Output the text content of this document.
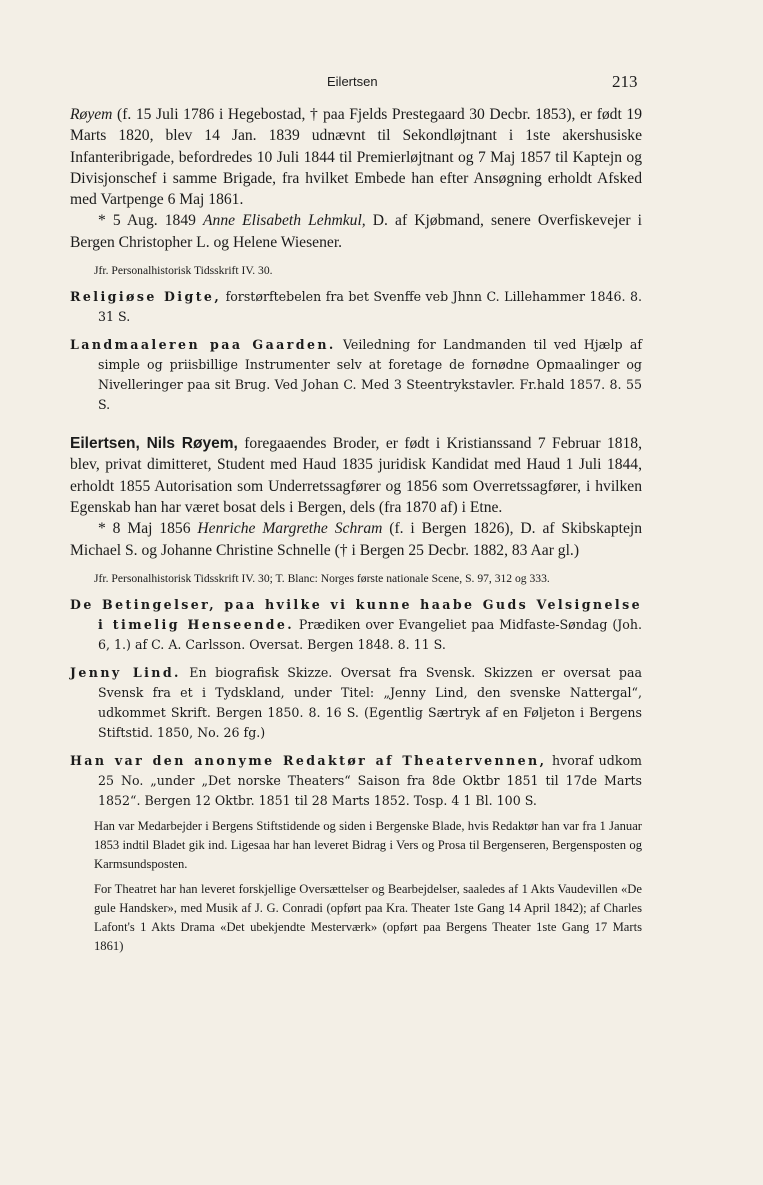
Eilertsen	213

Røyem (f. 15 Juli 1786 i Hegebostad, † paa Fjelds Prestegaard 30 Decbr. 1853), er født 19 Marts 1820, blev 14 Jan. 1839 udnævnt til Sekondløjtnant i 1ste akershusiske Infanteribrigade, befordredes 10 Juli 1844 til Premierløjtnant og 7 Maj 1857 til Kaptejn og Divisjonschef i samme Brigade, fra hvilket Embede han efter Ansøgning erholdt Afsked med Vartpenge 6 Maj 1861.

* 5 Aug. 1849 Anne Elisabeth Lehmkul, D. af Kjøbmand, senere Overfiskevejer i Bergen Christopher L. og Helene Wiesener.

Jfr. Personalhistorisk Tidsskrift IV. 30.

Religiøse Digte, forstørftebelen fra bet Svenffe veb Jhnn C. Lillehammer 1846. 8. 31 S.

Landmaaleren paa Gaarden. Veiledning for Landmanden til ved Hjælp af simple og priisbillige Instrumenter selv at foretage de fornødne Opmaalinger og Nivelleringer paa sit Brug. Ved Johan C. Med 3 Steentrykstavler. Fr.hald 1857. 8. 55 S.

Eilertsen, Nils Røyem, foregaaendes Broder, er født i Kristianssand 7 Februar 1818, blev, privat dimitteret, Student med Haud 1835 juridisk Kandidat med Haud 1 Juli 1844, erholdt 1855 Autorisation som Underretssagfører og 1856 som Overretssagfører, i hvilken Egenskab han har været bosat dels i Bergen, dels (fra 1870 af) i Etne.

* 8 Maj 1856 Henriche Margrethe Schram (f. i Bergen 1826), D. af Skibskaptejn Michael S. og Johanne Christine Schnelle († i Bergen 25 Decbr. 1882, 83 Aar gl.)

Jfr. Personalhistorisk Tidsskrift IV. 30; T. Blanc: Norges første nationale Scene, S. 97, 312 og 333.

De Betingelser, paa hvilke vi kunne haabe Guds Velsignelse i timelig Henseende. Prædiken over Evangeliet paa Midfaste-Søndag (Joh. 6, 1.) af C. A. Carlsson. Oversat. Bergen 1848. 8. 11 S.

Jenny Lind. En biografisk Skizze. Oversat fra Svensk. Skizzen er oversat paa Svensk fra et i Tydskland, under Titel: „Jenny Lind, den svenske Nattergal“, udkommet Skrift. Bergen 1850. 8. 16 S. (Egentlig Særtryk af en Føljeton i Bergens Stiftstid. 1850, No. 26 fg.)

Han var den anonyme Redaktør af Theatervennen, hvoraf udkom 25 No. „under „Det norske Theaters“ Saison fra 8de Oktbr 1851 til 17de Marts 1852“. Bergen 12 Oktbr. 1851 til 28 Marts 1852. Tosp. 4 1 Bl. 100 S.

Han var Medarbejder i Bergens Stiftstidende og siden i Bergenske Blade, hvis Redaktør han var fra 1 Januar 1853 indtil Bladet gik ind. Ligesaa har han leveret Bidrag i Vers og Prosa til Bergenseren, Bergensposten og Karmsundsposten.

For Theatret har han leveret forskjellige Oversættelser og Bearbejdelser, saaledes af 1 Akts Vaudevillen «De gule Handsker», med Musik af J. G. Conradi (opført paa Kra. Theater 1ste Gang 14 April 1842); af Charles Lafont's 1 Akts Drama «Det ubekjendte Mesterværk» (opført paa Bergens Theater 1ste Gang 17 Marts 1861)
